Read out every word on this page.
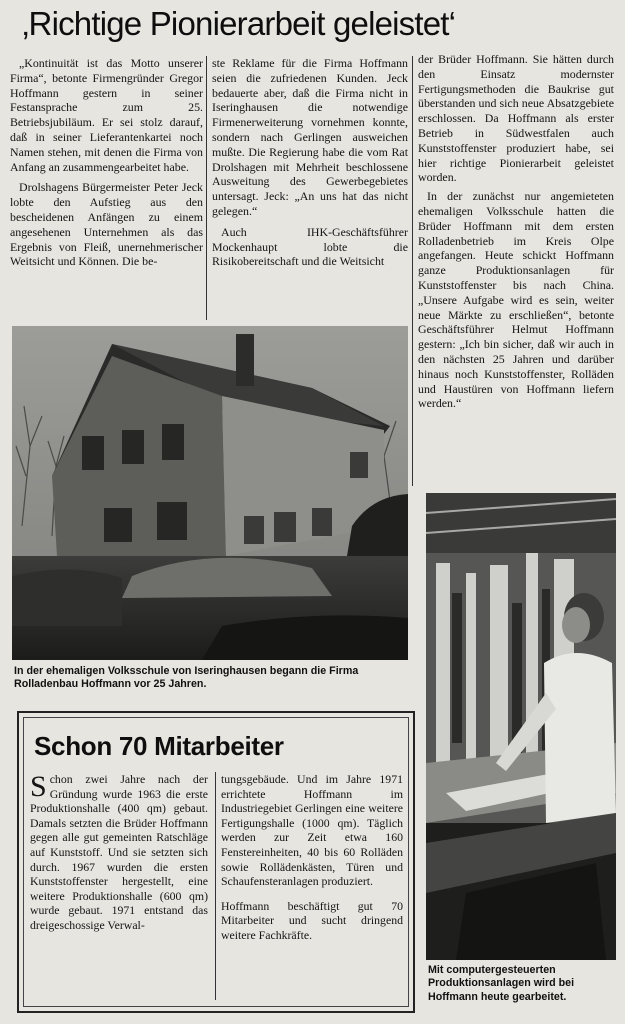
‚Richtige Pionierarbeit geleistet‘

„Kontinuität ist das Motto unserer Firma“, betonte Firmengründer Gregor Hoffmann gestern in seiner Festansprache zum 25. Betriebsjubiläum. Er sei stolz darauf, daß in seiner Lieferantenkartei noch Namen stehen, mit denen die Firma von Anfang an zusammengearbeitet habe.

Drolshagens Bürgermeister Peter Jeck lobte den Aufstieg aus den bescheidenen Anfängen zu einem angesehenen Unternehmen als das Ergebnis von Fleiß, unernehmerischer Weitsicht und Können. Die be-

ste Reklame für die Firma Hoffmann seien die zufriedenen Kunden. Jeck bedauerte aber, daß die Firma nicht in Iseringhausen die notwendige Firmenerweiterung vornehmen konnte, sondern nach Gerlingen ausweichen mußte. Die Regierung habe die vom Rat Drolshagen mit Mehrheit beschlossene Ausweitung des Gewerbegebietes untersagt. Jeck: „An uns hat das nicht gelegen.“

Auch IHK-Geschäftsführer Mockenhaupt lobte die Risikobereitschaft und die Weitsicht

der Brüder Hoffmann. Sie hätten durch den Einsatz modernster Fertigungsmethoden die Baukrise gut überstanden und sich neue Absatzgebiete erschlossen. Da Hoffmann als erster Betrieb in Südwestfalen auch Kunststoffenster produziert habe, sei hier richtige Pionierarbeit geleistet worden.

In der zunächst nur angemieteten ehemaligen Volksschule hatten die Brüder Hoffmann mit dem ersten Rolladenbetrieb im Kreis Olpe angefangen. Heute schickt Hoffmann ganze Produktionsanlagen für Kunststoffenster bis nach China. „Unsere Aufgabe wird es sein, weiter neue Märkte zu erschließen“, betonte Geschäftsführer Helmut Hoffmann gestern: „Ich bin sicher, daß wir auch in den nächsten 25 Jahren und darüber hinaus noch Kunststoffenster, Rolläden und Haustüren von Hoffmann liefern werden.“

In der ehemaligen Volksschule von Iseringhausen begann die Firma Rolladenbau Hoffmann vor 25 Jahren.
Mit computergesteuerten Produktionsanlagen wird bei Hoffmann heute gearbeitet.
Schon 70 Mitarbeiter
Schon zwei Jahre nach der Gründung wurde 1963 die erste Produktionshalle (400 qm) gebaut. Damals setzten die Brüder Hoffmann gegen alle gut gemeinten Ratschläge auf Kunststoff. Und sie setzten sich durch. 1967 wurden die ersten Kunststoffenster hergestellt, eine weitere Produktionshalle (600 qm) wurde gebaut. 1971 entstand das dreigeschossige Verwal-

tungsgebäude. Und im Jahre 1971 errichtete Hoffmann im Industriegebiet Gerlingen eine weitere Fertigungshalle (1000 qm). Täglich werden zur Zeit etwa 160 Fenstereinheiten, 40 bis 60 Rolläden sowie Rollädenkästen, Türen und Schaufensteranlagen produziert.

Hoffmann beschäftigt gut 70 Mitarbeiter und sucht dringend weitere Fachkräfte.
